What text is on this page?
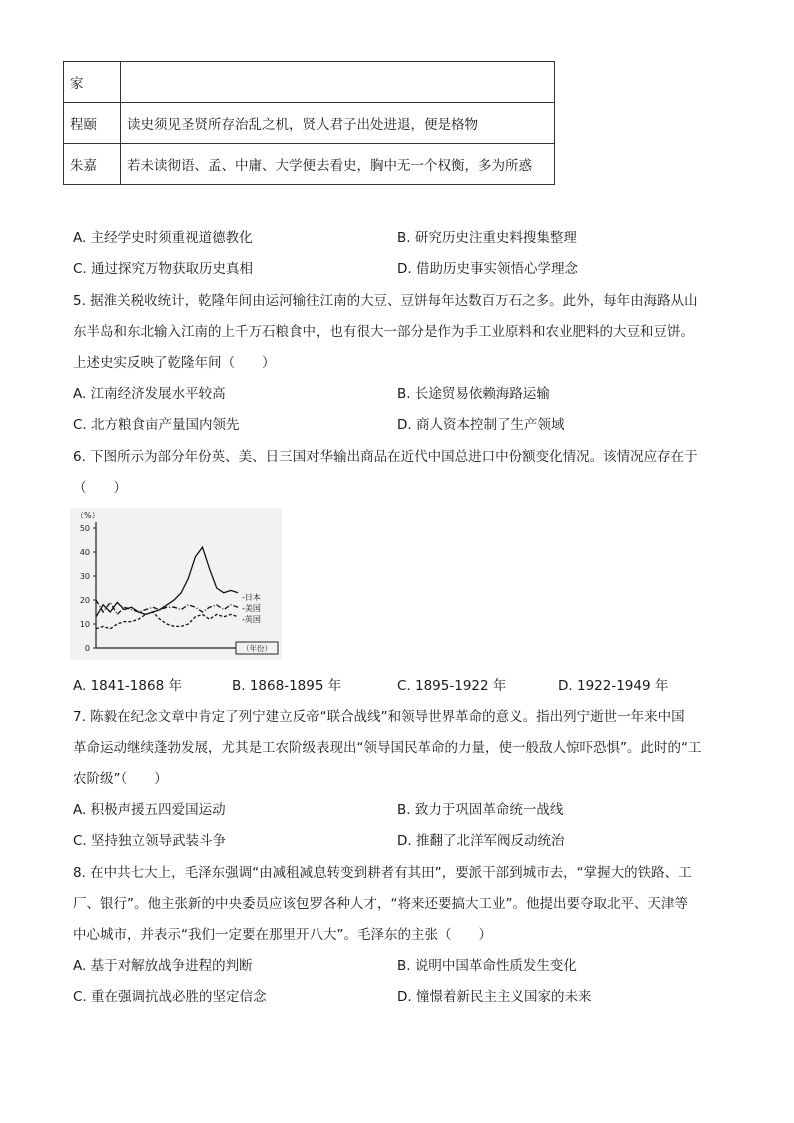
家	
程颐	读史须见圣贤所存治乱之机，贤人君子出处进退，便是格物
朱嘉	若未读彻语、孟、中庸、大学便去看史，胸中无一个权衡，多为所惑
A. 主经学史时须重视道德教化	B. 研究历史注重史料搜集整理
C. 通过探究万物获取历史真相	D. 借助历史事实领悟心学理念
5. 据淮关税收统计，乾隆年间由运河输往江南的大豆、豆饼每年达数百万石之多。此外，每年由海路从山
东半岛和东北输入江南的上千万石粮食中，也有很大一部分是作为手工业原料和农业肥料的大豆和豆饼。
上述史实反映了乾隆年间（　　）
A. 江南经济发展水平较高	B. 长途贸易依赖海路运输
C. 北方粮食亩产量国内领先	D. 商人资本控制了生产领域
6. 下图所示为部分年份英、美、日三国对华输出商品在近代中国总进口中份额变化情况。该情况应存在于
（　　）
（%）
0
10
20
30
40
50
（年份）
-日本
-美国
-英国
A. 1841-1868 年	B. 1868-1895 年	C. 1895-1922 年	D. 1922-1949 年
7. 陈毅在纪念文章中肯定了列宁建立反帝“联合战线”和领导世界革命的意义。指出列宁逝世一年来中国
革命运动继续蓬勃发展，尤其是工农阶级表现出“领导国民革命的力量，使一般敌人惊吓恐惧”。此时的“工
农阶级”（　　）
A. 积极声援五四爱国运动	B. 致力于巩固革命统一战线
C. 坚持独立领导武装斗争	D. 推翻了北洋军阀反动统治
8. 在中共七大上，毛泽东强调“由减租减息转变到耕者有其田”，要派干部到城市去，“掌握大的铁路、工
厂、银行”。他主张新的中央委员应该包罗各种人才，“将来还要搞大工业”。他提出要夺取北平、天津等
中心城市，并表示“我们一定要在那里开八大”。毛泽东的主张（　　）
A. 基于对解放战争进程的判断	B. 说明中国革命性质发生变化
C. 重在强调抗战必胜的坚定信念	D. 憧憬着新民主主义国家的未来
